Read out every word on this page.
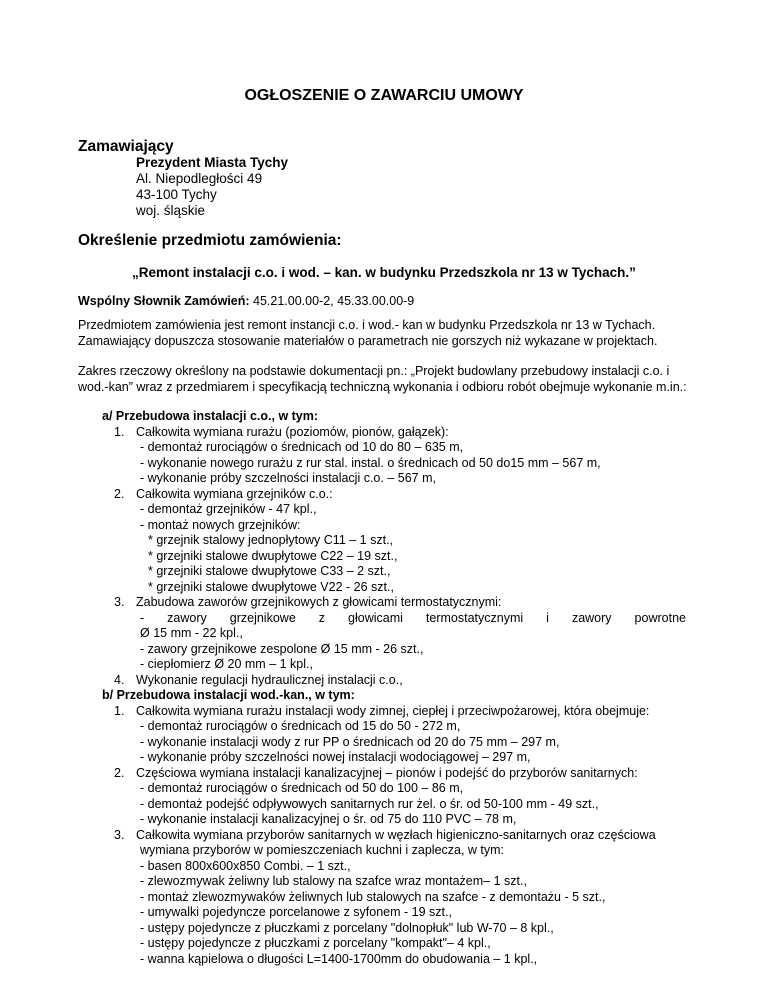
OGŁOSZENIE O ZAWARCIU UMOWY
Zamawiający
Prezydent Miasta Tychy
Al. Niepodległości 49
43-100 Tychy
woj. śląskie
Określenie przedmiotu zamówienia:
„Remont instalacji c.o. i wod. – kan. w budynku Przedszkola nr 13 w Tychach.”
Wspólny Słownik Zamówień: 45.21.00.00-2, 45.33.00.00-9
Przedmiotem zamówienia jest remont instancji c.o. i wod.- kan w budynku Przedszkola nr 13 w Tychach. Zamawiający dopuszcza stosowanie materiałów o parametrach nie gorszych niż wykazane w projektach.
Zakres rzeczowy określony na podstawie dokumentacji pn.: „Projekt budowlany przebudowy instalacji c.o. i wod.-kan” wraz z przedmiarem i specyfikacją techniczną wykonania i odbioru robót obejmuje wykonanie m.in.:
a/ Przebudowa instalacji c.o., w tym:
1. Całkowita wymiana rurażu (poziomów, pionów, gałązek):
- demontaż rurociągów o średnicach od 10 do 80 – 635 m,
- wykonanie nowego rurażu z rur stal. instal. o średnicach od 50 do15 mm – 567 m,
- wykonanie próby szczelności instalacji c.o. – 567 m,
2. Całkowita wymiana grzejników c.o.:
- demontaż grzejników - 47 kpl.,
- montaż nowych grzejników:
* grzejnik stalowy jednopłytowy C11 – 1 szt.,
* grzejniki stalowe dwupłytowe C22 – 19 szt.,
* grzejniki stalowe dwupłytowe C33 – 2 szt.,
* grzejniki stalowe dwupłytowe V22 - 26 szt.,
3. Zabudowa zaworów grzejnikowych z głowicami termostatycznymi:
- zawory grzejnikowe z głowicami termostatycznymi i zawory powrotne
Ø 15 mm - 22 kpl.,
- zawory grzejnikowe zespolone Ø 15 mm - 26 szt.,
- ciepłomierz Ø 20 mm – 1 kpl.,
4. Wykonanie regulacji hydraulicznej instalacji c.o.,
b/ Przebudowa instalacji wod.-kan., w tym:
1. Całkowita wymiana rurażu instalacji wody zimnej, ciepłej i przeciwpożarowej, która obejmuje:
- demontaż rurociągów o średnicach od 15 do 50 - 272 m,
- wykonanie instalacji wody z rur PP o średnicach od 20 do 75 mm – 297 m,
- wykonanie próby szczelności nowej instalacji wodociągowej – 297 m,
2. Częściowa wymiana instalacji kanalizacyjnej – pionów i podejść do przyborów sanitarnych:
- demontaż rurociągów o średnicach od 50 do 100 – 86 m,
- demontaż podejść odpływowych sanitarnych rur żel. o śr. od 50-100 mm - 49 szt.,
- wykonanie instalacji kanalizacyjnej o śr. od 75 do 110 PVC – 78 m,
3. Całkowita wymiana przyborów sanitarnych w węzłach higieniczno-sanitarnych oraz częściowa
wymiana przyborów w pomieszczeniach kuchni i zaplecza, w tym:
- basen 800x600x850 Combi. – 1 szt.,
- zlewozmywak żeliwny lub stalowy na szafce wraz montażem– 1 szt.,
- montaż zlewozmywaków żeliwnych lub stalowych na szafce - z demontażu - 5 szt.,
- umywalki pojedyncze porcelanowe z syfonem - 19 szt.,
- ustępy pojedyncze z płuczkami z porcelany "dolnopłuk" lub W-70 – 8 kpl.,
- ustępy pojedyncze z płuczkami z porcelany "kompakt"– 4 kpl.,
- wanna kąpielowa o długości L=1400-1700mm do obudowania – 1 kpl.,
